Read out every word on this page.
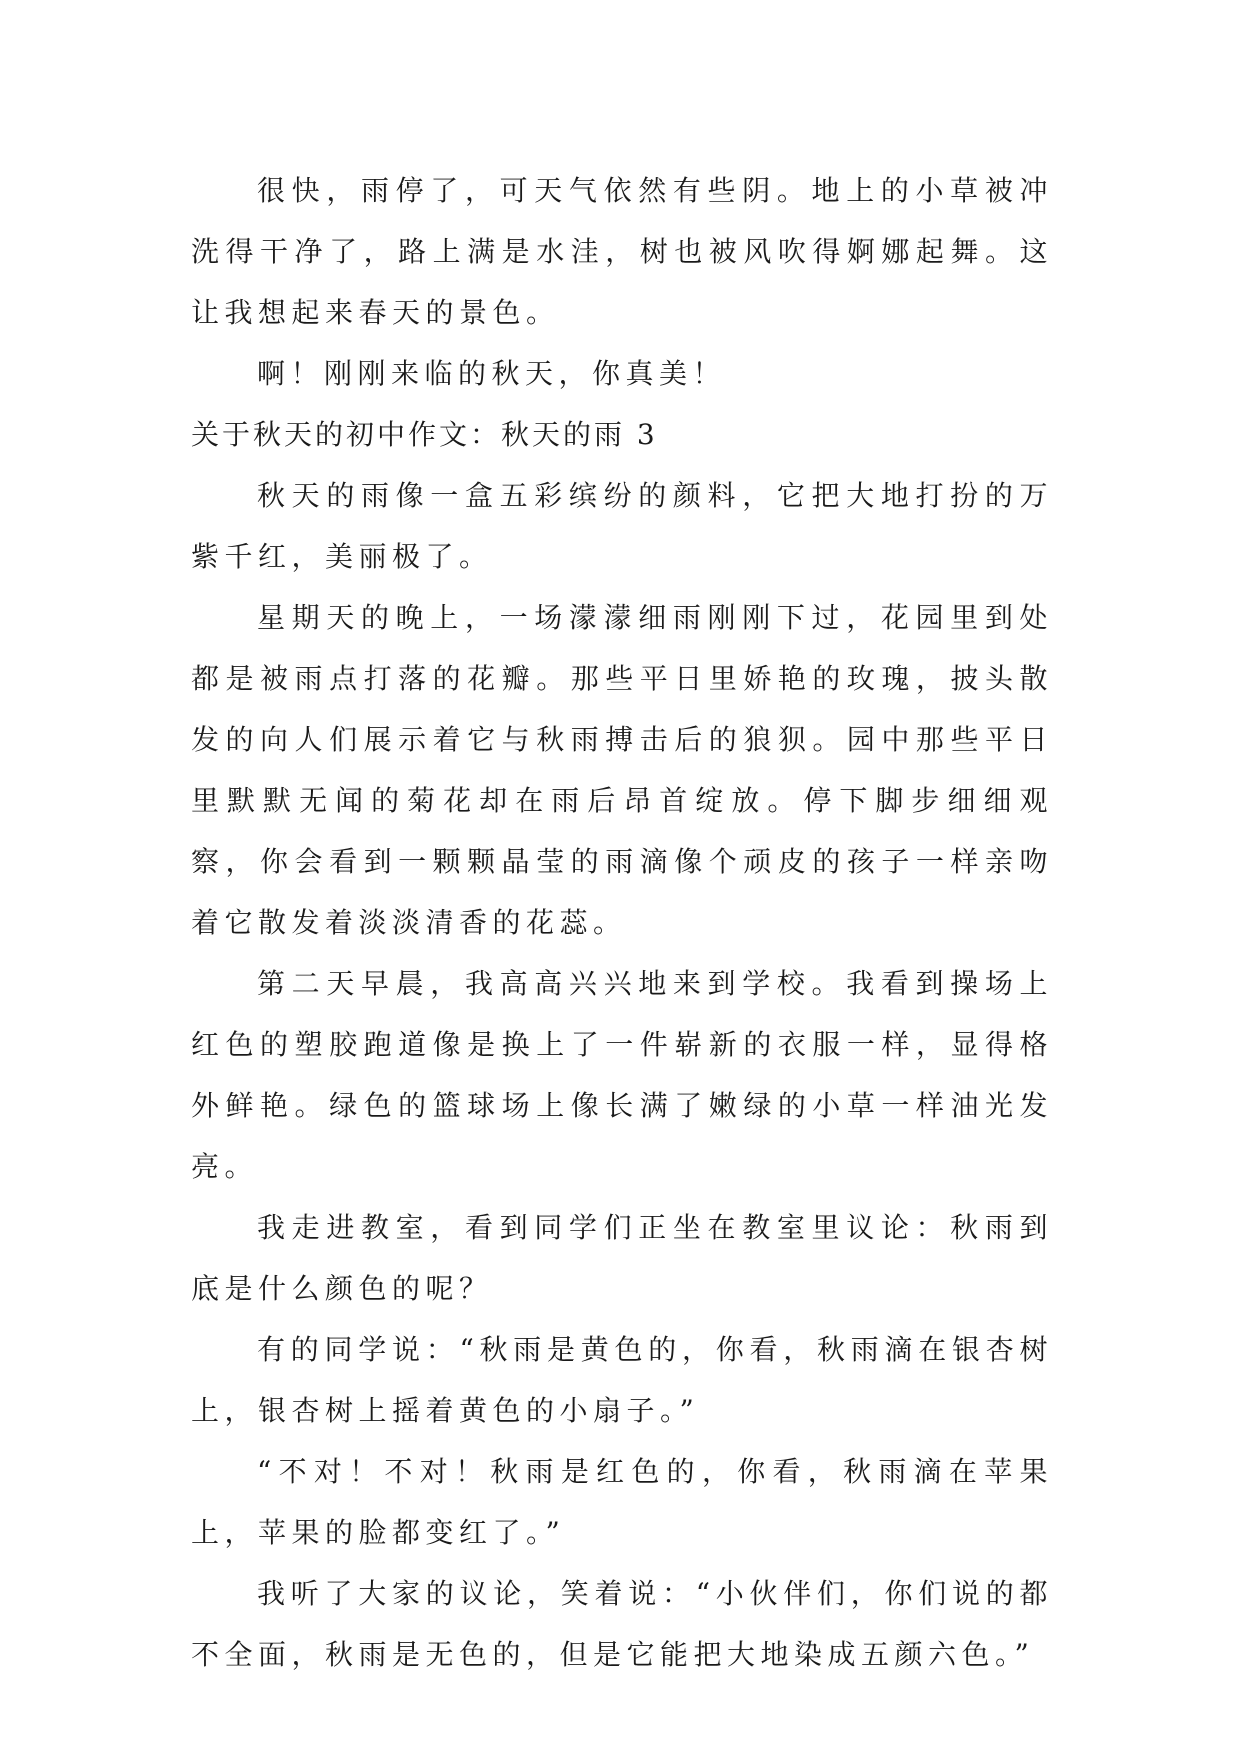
很快，雨停了，可天气依然有些阴。地上的小草被冲洗得干净了，路上满是水洼，树也被风吹得婀娜起舞。这让我想起来春天的景色。

啊！刚刚来临的秋天，你真美！

关于秋天的初中作文：秋天的雨 3

秋天的雨像一盒五彩缤纷的颜料，它把大地打扮的万紫千红，美丽极了。

星期天的晚上，一场濛濛细雨刚刚下过，花园里到处都是被雨点打落的花瓣。那些平日里娇艳的玫瑰，披头散发的向人们展示着它与秋雨搏击后的狼狈。园中那些平日里默默无闻的菊花却在雨后昂首绽放。停下脚步细细观察，你会看到一颗颗晶莹的雨滴像个顽皮的孩子一样亲吻着它散发着淡淡清香的花蕊。

第二天早晨，我高高兴兴地来到学校。我看到操场上红色的塑胶跑道像是换上了一件崭新的衣服一样，显得格外鲜艳。绿色的篮球场上像长满了嫩绿的小草一样油光发亮。

我走进教室，看到同学们正坐在教室里议论：秋雨到底是什么颜色的呢？

有的同学说：“秋雨是黄色的，你看，秋雨滴在银杏树上，银杏树上摇着黄色的小扇子。”

“不对！不对！秋雨是红色的，你看，秋雨滴在苹果上，苹果的脸都变红了。”

我听了大家的议论，笑着说：“小伙伴们，你们说的都不全面，秋雨是无色的，但是它能把大地染成五颜六色。”
